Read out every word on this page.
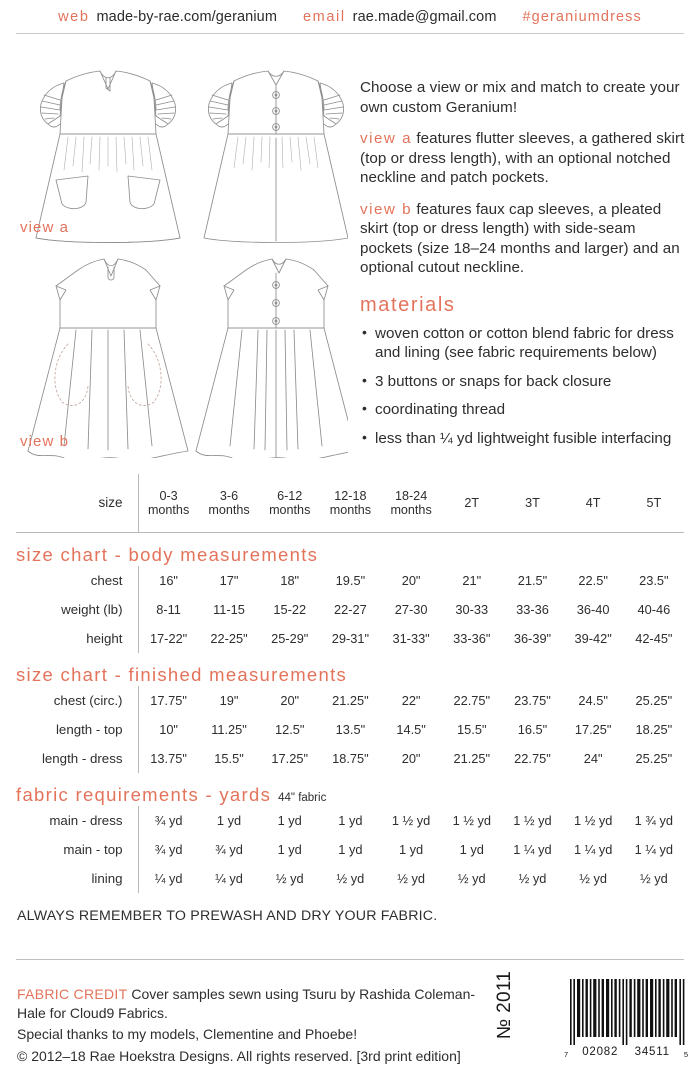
web made-by-rae.com/geranium email rae.made@gmail.com #geraniumdress
view a
view b

Choose a view or mix and match to create your own custom Geranium!

view a features flutter sleeves, a gathered skirt (top or dress length), with an optional notched neckline and patch pockets.

view b features faux cap sleeves, a pleated skirt (top or dress length) with side-seam pockets (size 18–24 months and larger) and an optional cutout neckline.

materials
• woven cotton or cotton blend fabric for dress and lining (see fabric requirements below)
• 3 buttons or snaps for back closure
• coordinating thread
• less than ¼ yd lightweight fusible interfacing
size	0-3 months	3-6 months	6-12 months	12-18 months	18-24 months	2T	3T	4T	5T
size chart - body measurements									
chest	16"	17"	18"	19.5"	20"	21"	21.5"	22.5"	23.5"
weight (lb)	8-11	11-15	15-22	22-27	27-30	30-33	33-36	36-40	40-46
height	17-22"	22-25"	25-29"	29-31"	31-33"	33-36"	36-39"	39-42"	42-45"
size chart - finished measurements									
chest (circ.)	17.75"	19"	20"	21.25"	22"	22.75"	23.75"	24.5"	25.25"
length - top	10"	11.25"	12.5"	13.5"	14.5"	15.5"	16.5"	17.25"	18.25"
length - dress	13.75"	15.5"	17.25"	18.75"	20"	21.25"	22.75"	24"	25.25"
fabric requirements - yards 44" fabric									
main - dress	¾ yd	1 yd	1 yd	1 yd	1 ½ yd	1 ½ yd	1 ½ yd	1 ½ yd	1 ¾ yd
main - top	¾ yd	¾ yd	1 yd	1 yd	1 yd	1 yd	1 ¼ yd	1 ¼ yd	1 ¼ yd
lining	¼ yd	¼ yd	½ yd	½ yd	½ yd	½ yd	½ yd	½ yd	½ yd
ALWAYS REMEMBER TO PREWASH AND DRY YOUR FABRIC.

FABRIC CREDIT Cover samples sewn using Tsuru by Rashida Coleman-Hale for Cloud9 Fabrics.

Special thanks to my models, Clementine and Phoebe!

© 2012–18 Rae Hoekstra Designs. All rights reserved. [3rd print edition]

№ 2011
7 02082 34511 5
